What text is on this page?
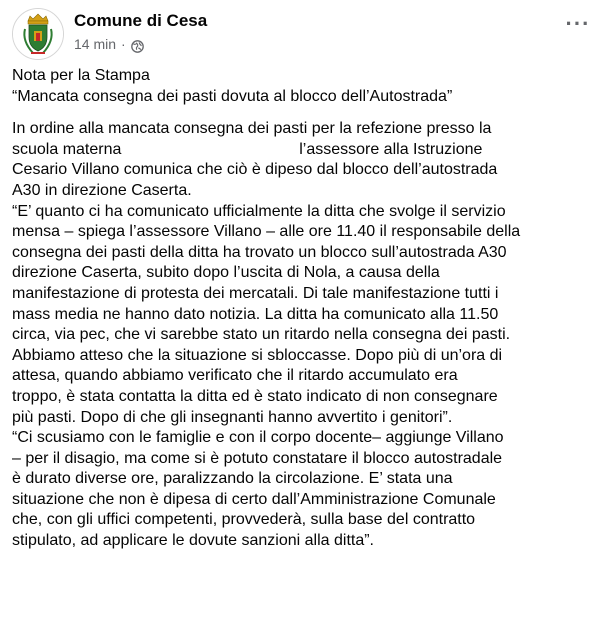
Comune di Cesa
14 min ·
···

Nota per la Stampa

“Mancata consegna dei pasti dovuta al blocco dell’Autostrada”

In ordine alla mancata consegna dei pasti per la refezione presso la

scuola materna                                        l’assessore alla Istruzione

Cesario Villano comunica che ciò è dipeso dal blocco dell’autostrada

A30 in direzione Caserta.

“E’ quanto ci ha comunicato ufficialmente la ditta che svolge il servizio

mensa – spiega l’assessore Villano – alle ore 11.40 il responsabile della

consegna dei pasti della ditta ha trovato un blocco sull’autostrada A30

direzione Caserta, subito dopo l’uscita di Nola, a causa della

manifestazione di protesta dei mercatali. Di tale manifestazione tutti i

mass media ne hanno dato notizia. La ditta ha comunicato alla 11.50

circa, via pec, che vi sarebbe stato un ritardo nella consegna dei pasti.

Abbiamo atteso che la situazione si sbloccasse. Dopo più di un’ora di

attesa, quando abbiamo verificato che il ritardo accumulato era

troppo, è stata contatta la ditta ed è stato indicato di non consegnare

più pasti. Dopo di che gli insegnanti hanno avvertito i genitori”.

“Ci scusiamo con le famiglie e con il corpo docente– aggiunge Villano

– per il disagio, ma come si è potuto constatare il blocco autostradale

è durato diverse ore, paralizzando la circolazione. E’ stata una

situazione che non è dipesa di certo dall’Amministrazione Comunale

che, con gli uffici competenti, provvederà, sulla base del contratto

stipulato, ad applicare le dovute sanzioni alla ditta”.
